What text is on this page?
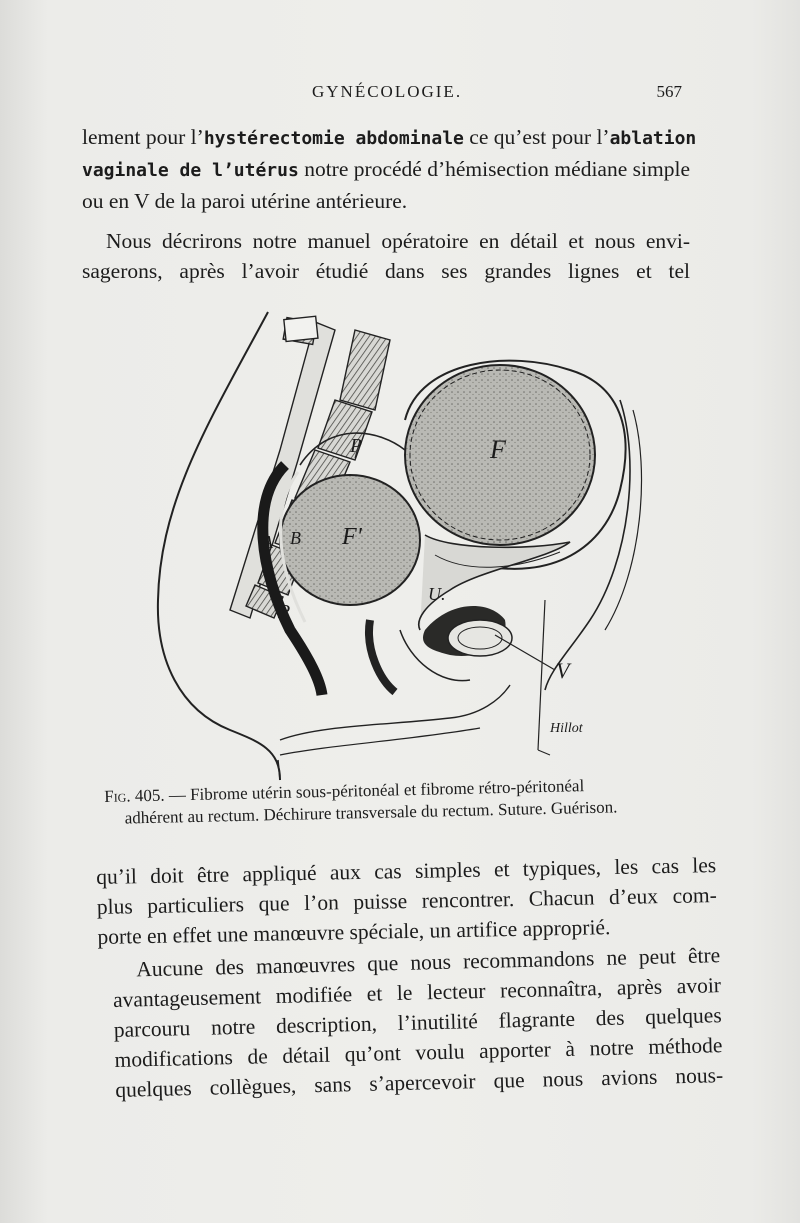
GYNÉCOLOGIE.	567
lement pour l’hystérectomie abdominale ce qu’est pour l’ablation
vaginale de l’utérus notre procédé d’hémisection médiane simple
ou en V de la paroi utérine antérieure.
Nous décrirons notre manuel opératoire en détail et nous envi-
sagerons, après l’avoir étudié dans ses grandes lignes et tel
P	F
F'
A B
U.
R
V
Hillot
Fig. 405. — Fibrome utérin sous-péritonéal et fibrome rétro-péritonéal
adhérent au rectum. Déchirure transversale du rectum. Suture. Guérison.
qu’il doit être appliqué aux cas simples et typiques, les cas les
plus particuliers que l’on puisse rencontrer. Chacun d’eux com-
porte en effet une manœuvre spéciale, un artifice approprié.
Aucune des manœuvres que nous recommandons ne peut être
avantageusement modifiée et le lecteur reconnaîtra, après avoir
parcouru notre description, l’inutilité flagrante des quelques
modifications de détail qu’ont voulu apporter à notre méthode
quelques collègues, sans s’apercevoir que nous avions nous-
